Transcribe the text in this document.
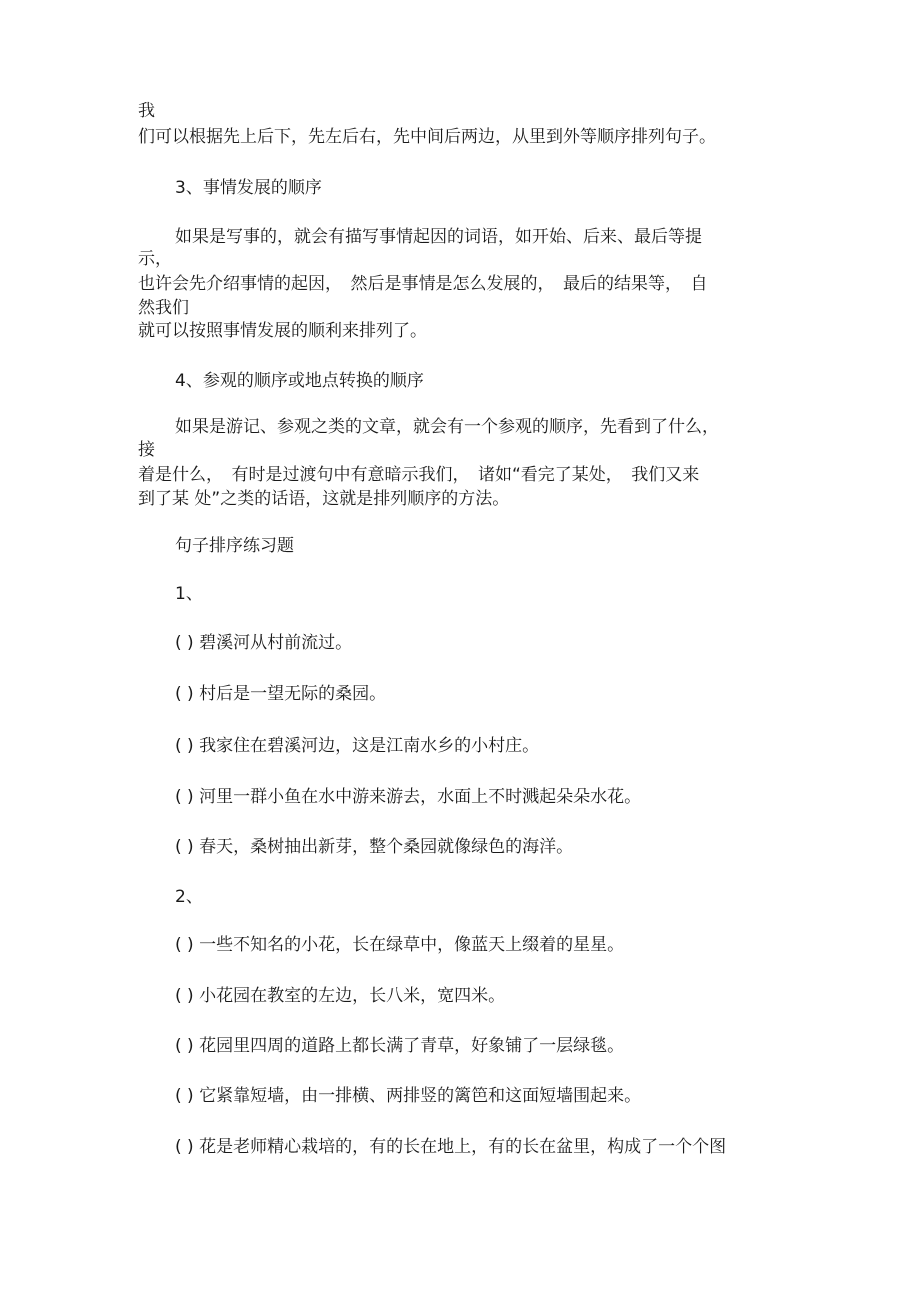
我
们可以根据先上后下，先左后右，先中间后两边，从里到外等顺序排列句子。
3、事情发展的顺序
如果是写事的，就会有描写事情起因的词语，如开始、后来、最后等提
示，
也许会先介绍事情的起因，　然后是事情是怎么发展的，　最后的结果等，　自
然我们
就可以按照事情发展的顺利来排列了。
4、参观的顺序或地点转换的顺序
如果是游记、参观之类的文章，就会有一个参观的顺序，先看到了什么，
接
着是什么，　有时是过渡句中有意暗示我们，　诸如“看完了某处，　我们又来
到了某 处”之类的话语，这就是排列顺序的方法。
句子排序练习题
1、
( ) 碧溪河从村前流过。
( ) 村后是一望无际的桑园。
( ) 我家住在碧溪河边，这是江南水乡的小村庄。
( ) 河里一群小鱼在水中游来游去，水面上不时溅起朵朵水花。
( ) 春天，桑树抽出新芽，整个桑园就像绿色的海洋。
2、
( ) 一些不知名的小花，长在绿草中，像蓝天上缀着的星星。
( ) 小花园在教室的左边，长八米，宽四米。
( ) 花园里四周的道路上都长满了青草，好象铺了一层绿毯。
( ) 它紧靠短墙，由一排横、两排竖的篱笆和这面短墙围起来。
( ) 花是老师精心栽培的，有的长在地上，有的长在盆里，构成了一个个图
